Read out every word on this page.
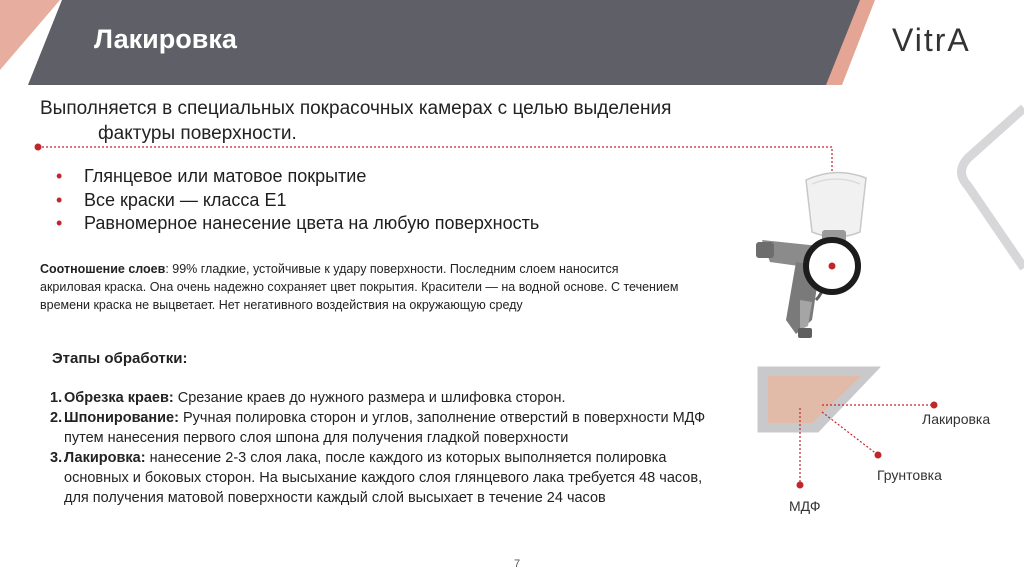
Лакировка	VitrA
Выполняется в специальных покрасочных камерах с целью выделения
фактуры поверхности.
• Глянцевое или матовое покрытие
• Все краски — класса Е1
• Равномерное нанесение цвета на любую поверхность
Соотношение слоев: 99% гладкие, устойчивые к удару поверхности. Последним слоем наносится акриловая краска. Она очень надежно сохраняет цвет покрытия. Красители — на водной основе. С течением времени краска не выцветает. Нет негативного воздействия на окружающую среду
Этапы обработки:
1. Обрезка краев: Срезание краев до нужного размера и шлифовка сторон.
2. Шпонирование: Ручная полировка сторон и углов, заполнение отверстий в поверхности МДФ путем нанесения первого слоя шпона для получения гладкой поверхности
3. Лакировка: нанесение 2-3 слоя лака, после каждого из которых выполняется полировка основных и боковых сторон. На высыхание каждого слоя глянцевого лака требуется 48 часов, для получения матовой поверхности каждый слой высыхает в течение 24 часов
Лакировка
Грунтовка
МДФ
7
